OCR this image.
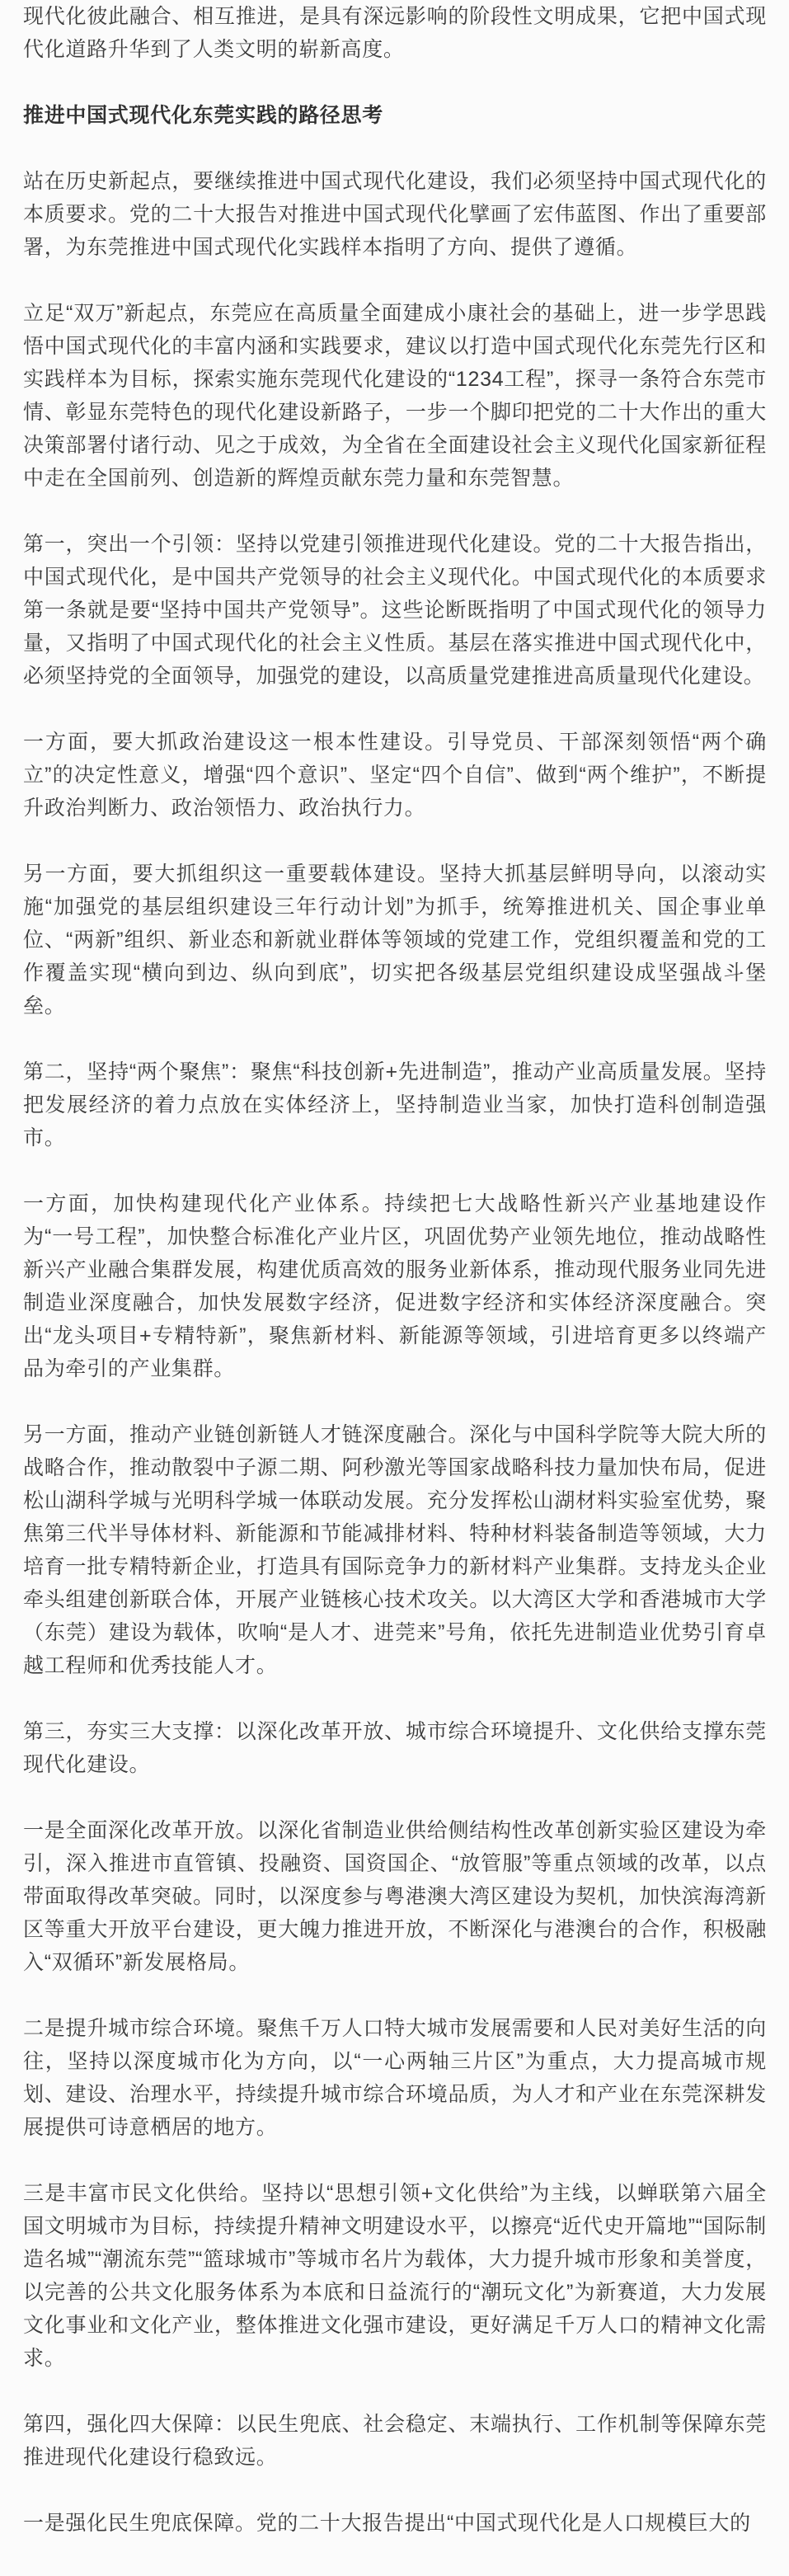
现代化彼此融合、相互推进，是具有深远影响的阶段性文明成果，它把中国式现代化道路升华到了人类文明的崭新高度。

推进中国式现代化东莞实践的路径思考

站在历史新起点，要继续推进中国式现代化建设，我们必须坚持中国式现代化的本质要求。党的二十大报告对推进中国式现代化擘画了宏伟蓝图、作出了重要部署，为东莞推进中国式现代化实践样本指明了方向、提供了遵循。

立足“双万”新起点，东莞应在高质量全面建成小康社会的基础上，进一步学思践悟中国式现代化的丰富内涵和实践要求，建议以打造中国式现代化东莞先行区和实践样本为目标，探索实施东莞现代化建设的“1234工程”，探寻一条符合东莞市情、彰显东莞特色的现代化建设新路子，一步一个脚印把党的二十大作出的重大决策部署付诸行动、见之于成效，为全省在全面建设社会主义现代化国家新征程中走在全国前列、创造新的辉煌贡献东莞力量和东莞智慧。

第一，突出一个引领：坚持以党建引领推进现代化建设。党的二十大报告指出，中国式现代化，是中国共产党领导的社会主义现代化。中国式现代化的本质要求第一条就是要“坚持中国共产党领导”。这些论断既指明了中国式现代化的领导力量，又指明了中国式现代化的社会主义性质。基层在落实推进中国式现代化中，必须坚持党的全面领导，加强党的建设，以高质量党建推进高质量现代化建设。

一方面，要大抓政治建设这一根本性建设。引导党员、干部深刻领悟“两个确立”的决定性意义，增强“四个意识”、坚定“四个自信”、做到“两个维护”，不断提升政治判断力、政治领悟力、政治执行力。

另一方面，要大抓组织这一重要载体建设。坚持大抓基层鲜明导向，以滚动实施“加强党的基层组织建设三年行动计划”为抓手，统筹推进机关、国企事业单位、“两新”组织、新业态和新就业群体等领域的党建工作，党组织覆盖和党的工作覆盖实现“横向到边、纵向到底”，切实把各级基层党组织建设成坚强战斗堡垒。

第二，坚持“两个聚焦”：聚焦“科技创新+先进制造”，推动产业高质量发展。坚持把发展经济的着力点放在实体经济上，坚持制造业当家，加快打造科创制造强市。

一方面，加快构建现代化产业体系。持续把七大战略性新兴产业基地建设作为“一号工程”，加快整合标准化产业片区，巩固优势产业领先地位，推动战略性新兴产业融合集群发展，构建优质高效的服务业新体系，推动现代服务业同先进制造业深度融合，加快发展数字经济，促进数字经济和实体经济深度融合。突出“龙头项目+专精特新”，聚焦新材料、新能源等领域，引进培育更多以终端产品为牵引的产业集群。

另一方面，推动产业链创新链人才链深度融合。深化与中国科学院等大院大所的战略合作，推动散裂中子源二期、阿秒激光等国家战略科技力量加快布局，促进松山湖科学城与光明科学城一体联动发展。充分发挥松山湖材料实验室优势，聚焦第三代半导体材料、新能源和节能减排材料、特种材料装备制造等领域，大力培育一批专精特新企业，打造具有国际竞争力的新材料产业集群。支持龙头企业牵头组建创新联合体，开展产业链核心技术攻关。以大湾区大学和香港城市大学（东莞）建设为载体，吹响“是人才、进莞来”号角，依托先进制造业优势引育卓越工程师和优秀技能人才。

第三，夯实三大支撑：以深化改革开放、城市综合环境提升、文化供给支撑东莞现代化建设。

一是全面深化改革开放。以深化省制造业供给侧结构性改革创新实验区建设为牵引，深入推进市直管镇、投融资、国资国企、“放管服”等重点领域的改革，以点带面取得改革突破。同时，以深度参与粤港澳大湾区建设为契机，加快滨海湾新区等重大开放平台建设，更大魄力推进开放，不断深化与港澳台的合作，积极融入“双循环”新发展格局。

二是提升城市综合环境。聚焦千万人口特大城市发展需要和人民对美好生活的向往，坚持以深度城市化为方向，以“一心两轴三片区”为重点，大力提高城市规划、建设、治理水平，持续提升城市综合环境品质，为人才和产业在东莞深耕发展提供可诗意栖居的地方。

三是丰富市民文化供给。坚持以“思想引领+文化供给”为主线，以蝉联第六届全国文明城市为目标，持续提升精神文明建设水平，以擦亮“近代史开篇地”“国际制造名城”“潮流东莞”“篮球城市”等城市名片为载体，大力提升城市形象和美誉度，以完善的公共文化服务体系为本底和日益流行的“潮玩文化”为新赛道，大力发展文化事业和文化产业，整体推进文化强市建设，更好满足千万人口的精神文化需求。

第四，强化四大保障：以民生兜底、社会稳定、末端执行、工作机制等保障东莞推进现代化建设行稳致远。

一是强化民生兜底保障。党的二十大报告提出“中国式现代化是人口规模巨大的
